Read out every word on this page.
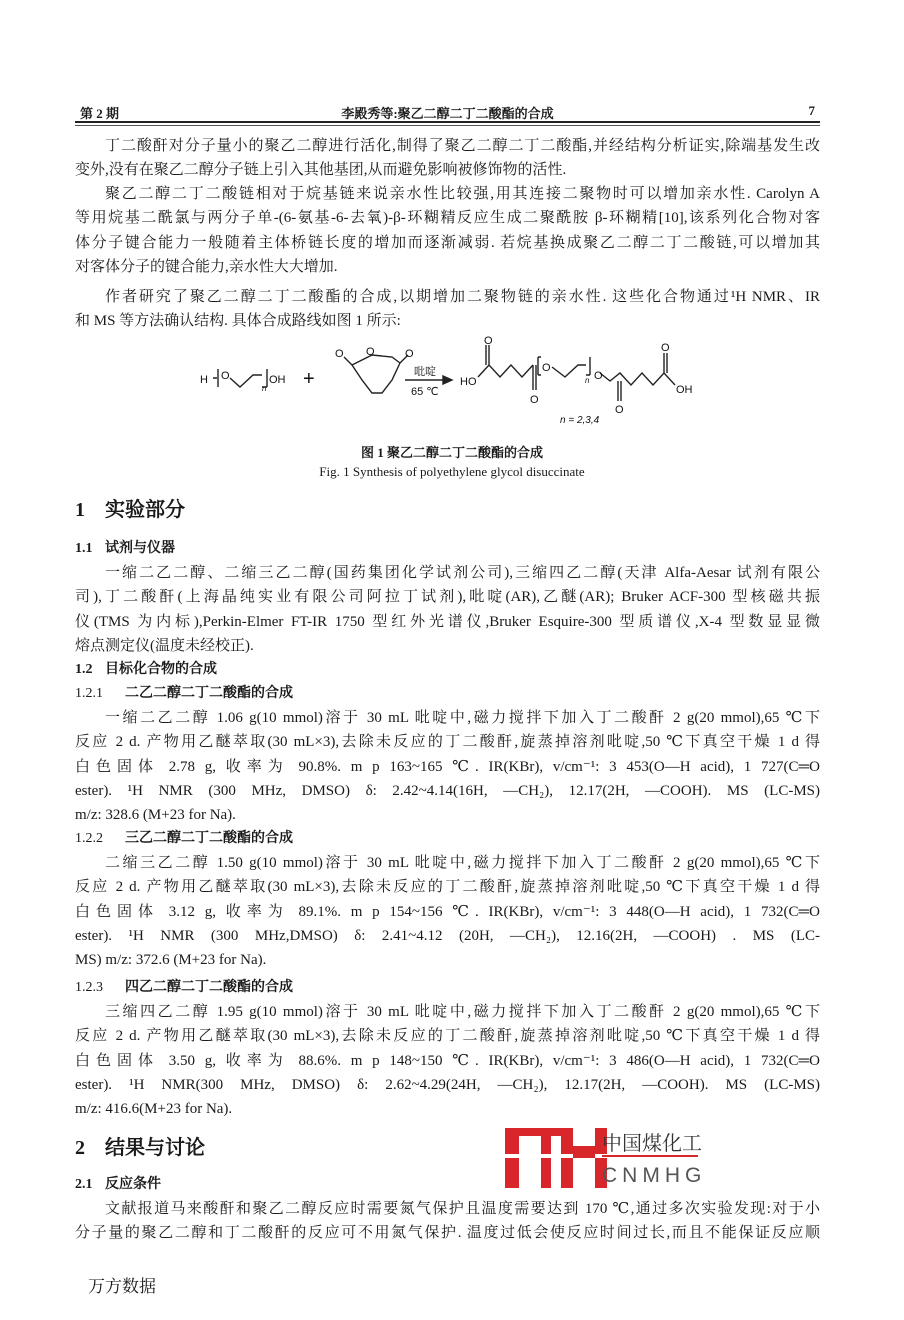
第 2 期	李殿秀等:聚乙二醇二丁二酸酯的合成	7
丁二酸酐对分子量小的聚乙二醇进行活化,制得了聚乙二醇二丁二酸酯,并经结构分析证实,除端基发生改
变外,没有在聚乙二醇分子链上引入其他基团,从而避免影响被修饰物的活性.
聚乙二醇二丁二酸链相对于烷基链来说亲水性比较强,用其连接二聚物时可以增加亲水性. Carolyn A
等用烷基二酰氯与两分子单-(6-氨基-6-去氧)-β-环糊精反应生成二聚酰胺 β-环糊精[10],该系列化合物对客
体分子键合能力一般随着主体桥链长度的增加而逐渐减弱. 若烷基换成聚乙二醇二丁二酸链,可以增加其
对客体分子的键合能力,亲水性大大增加.
作者研究了聚乙二醇二丁二酸酯的合成,以期增加二聚物链的亲水性. 这些化合物通过¹H NMR、IR
和 MS 等方法确认结构. 具体合成路线如图 1 所示:
H O
n
OH +
O O	O
吡啶
65 ℃
HO
O
O
O
n O
O
O
OH
n = 2,3,4
图 1 聚乙二醇二丁二酸酯的合成
Fig. 1 Synthesis of polyethylene glycol disuccinate
1 实验部分
1.1 试剂与仪器
一缩二乙二醇、二缩三乙二醇(国药集团化学试剂公司),三缩四乙二醇(天津 Alfa-Aesar 试剂有限公
司),丁二酸酐(上海晶纯实业有限公司阿拉丁试剂),吡啶(AR),乙醚(AR); Bruker ACF-300 型核磁共振
仪(TMS 为内标),Perkin-Elmer FT-IR 1750 型红外光谱仪,Bruker Esquire-300 型质谱仪,X-4 型数显显微
熔点测定仪(温度未经校正).
1.2 目标化合物的合成
1.2.1 二乙二醇二丁二酸酯的合成
一缩二乙二醇 1.06 g(10 mmol)溶于 30 mL 吡啶中,磁力搅拌下加入丁二酸酐 2 g(20 mmol),65 ℃下
反应 2 d. 产物用乙醚萃取(30 mL×3),去除未反应的丁二酸酐,旋蒸掉溶剂吡啶,50 ℃下真空干燥 1 d 得
白色固体 2.78 g, 收率为 90.8%. m p 163~165 ℃. IR(KBr), v/cm⁻¹: 3 453(O—H acid), 1 727(C═O
ester). ¹H NMR (300 MHz, DMSO) δ: 2.42~4.14(16H, —CH₂), 12.17(2H, —COOH). MS (LC-MS)
m/z: 328.6 (M+23 for Na).
1.2.2 三乙二醇二丁二酸酯的合成
二缩三乙二醇 1.50 g(10 mmol)溶于 30 mL 吡啶中,磁力搅拌下加入丁二酸酐 2 g(20 mmol),65 ℃下
反应 2 d. 产物用乙醚萃取(30 mL×3),去除未反应的丁二酸酐,旋蒸掉溶剂吡啶,50 ℃下真空干燥 1 d 得
白色固体 3.12 g, 收率为 89.1%. m p 154~156 ℃. IR(KBr), v/cm⁻¹: 3 448(O—H acid), 1 732(C═O
ester). ¹H NMR (300 MHz,DMSO) δ: 2.41~4.12 (20H, —CH₂), 12.16(2H, —COOH) . MS (LC-
MS) m/z: 372.6 (M+23 for Na).
1.2.3 四乙二醇二丁二酸酯的合成
三缩四乙二醇 1.95 g(10 mmol)溶于 30 mL 吡啶中,磁力搅拌下加入丁二酸酐 2 g(20 mmol),65 ℃下
反应 2 d. 产物用乙醚萃取(30 mL×3),去除未反应的丁二酸酐,旋蒸掉溶剂吡啶,50 ℃下真空干燥 1 d 得
白色固体 3.50 g, 收率为 88.6%. m p 148~150 ℃. IR(KBr), v/cm⁻¹: 3 486(O—H acid), 1 732(C═O
ester). ¹H NMR(300 MHz, DMSO) δ: 2.62~4.29(24H, —CH₂), 12.17(2H, —COOH). MS (LC-MS)
m/z: 416.6(M+23 for Na).
2 结果与讨论
2.1 反应条件
文献报道马来酸酐和聚乙二醇反应时需要氮气保护且温度需要达到 170 ℃,通过多次实验发现:对于小
分子量的聚乙二醇和丁二酸酐的反应可不用氮气保护. 温度过低会使反应时间过长,而且不能保证反应顺
中国煤化工
CNMHG
万方数据
